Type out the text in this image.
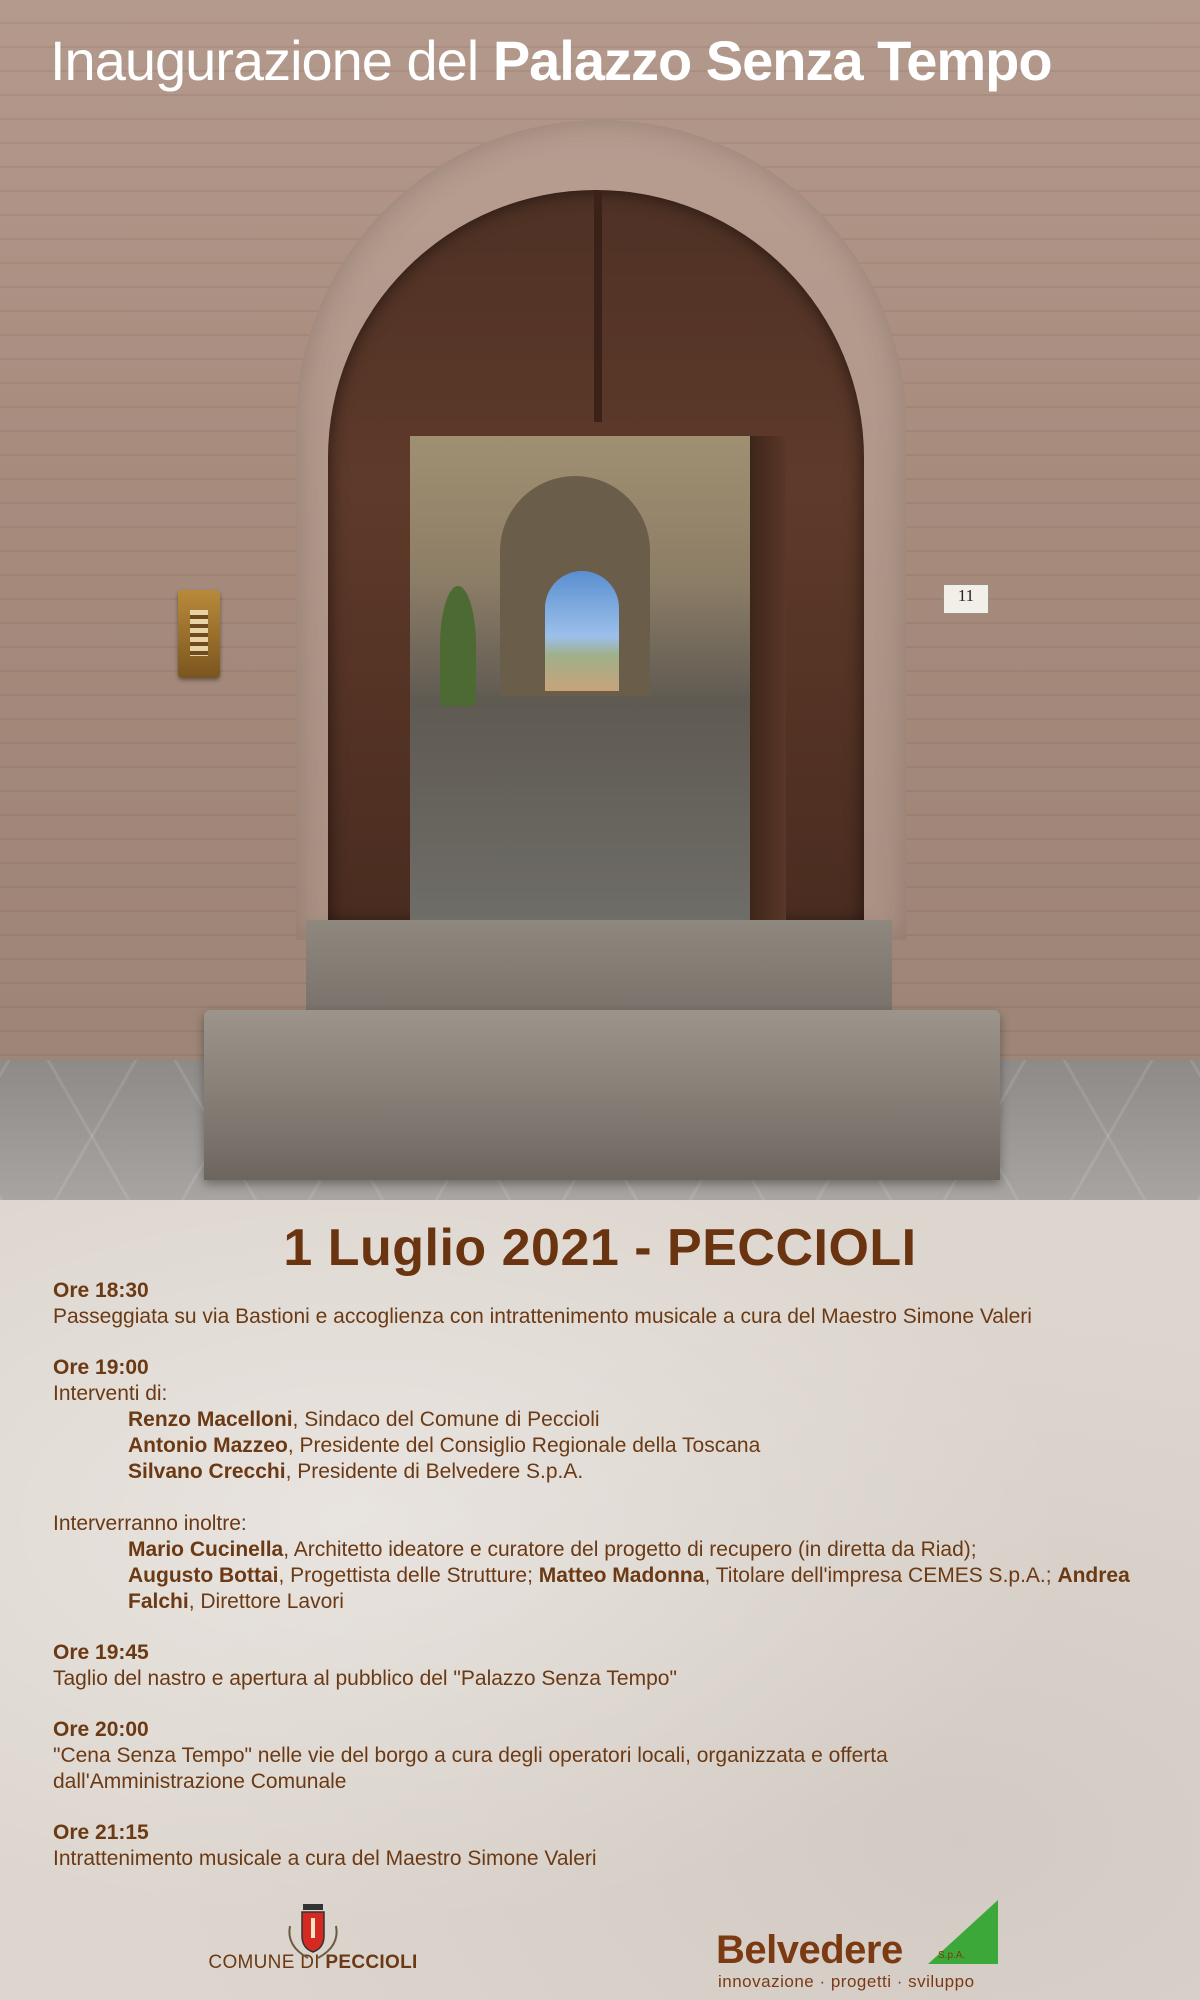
11
Inaugurazione del Palazzo Senza Tempo
1 Luglio 2021 - PECCIOLI
Ore 18:30
Passeggiata su via Bastioni e accoglienza con intrattenimento musicale a cura del Maestro Simone Valeri
Ore 19:00
Interventi di:
Renzo Macelloni, Sindaco del Comune di Peccioli
Antonio Mazzeo, Presidente del Consiglio Regionale della Toscana
Silvano Crecchi, Presidente di Belvedere S.p.A.
Interverranno inoltre:
Mario Cucinella, Architetto ideatore e curatore del progetto di recupero (in diretta da Riad);
Augusto Bottai, Progettista delle Strutture; Matteo Madonna, Titolare dell'impresa CEMES S.p.A.; Andrea Falchi, Direttore Lavori
Ore 19:45
Taglio del nastro e apertura al pubblico del "Palazzo Senza Tempo"
Ore 20:00
"Cena Senza Tempo" nelle vie del borgo a cura degli operatori locali, organizzata e offerta dall'Amministrazione Comunale
Ore 21:15
Intrattenimento musicale a cura del Maestro Simone Valeri
COMUNE DI PECCIOLI	Belvedere	S.p.A.
innovazione · progetti · sviluppo
